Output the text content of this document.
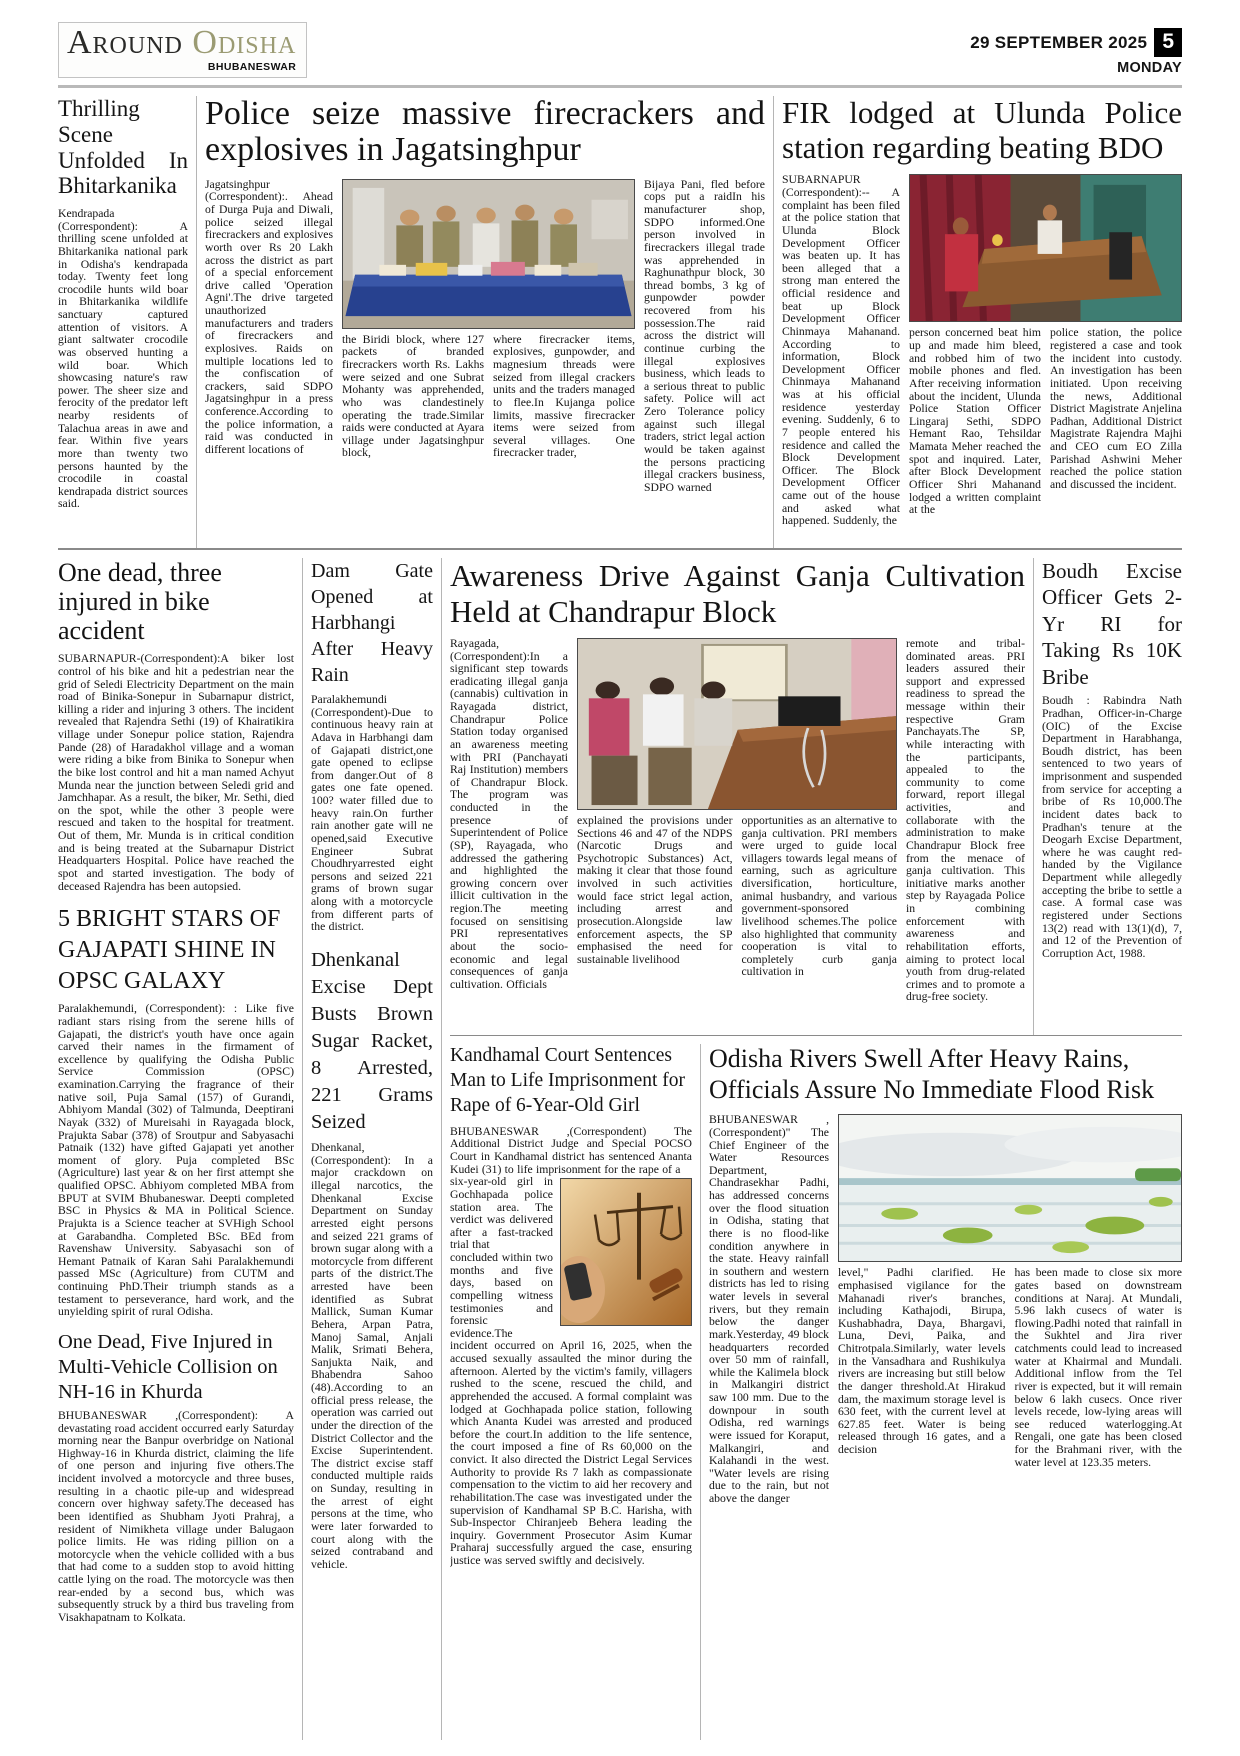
Around Odisha
BHUBANESWAR
29 SEPTEMBER 2025 5
MONDAY
Thrilling Scene Unfolded In Bhitarkanika
Kendrapada (Correspondent): A thrilling scene unfolded at Bhitarkanika national park in Odisha's kendrapada today. Twenty feet long crocodile hunts wild boar in Bhitarkanika wildlife sanctuary captured attention of visitors. A giant saltwater crocodile was observed hunting a wild boar. Which showcasing nature's raw power. The sheer size and ferocity of the predator left nearby residents of Talachua areas in awe and fear. Within five years more than twenty two persons haunted by the crocodile in coastal kendrapada district sources said.
Police seize massive firecrackers and explosives in Jagatsinghpur
Jagatsinghpur (Correspondent):. Ahead of Durga Puja and Diwali, police seized illegal firecrackers and explosives worth over Rs 20 Lakh across the district as part of a special enforcement drive called 'Operation Agni'.The drive targeted unauthorized manufacturers and traders of firecrackers and explosives. Raids on multiple locations led to the confiscation of crackers, said SDPO Jagatsinghpur in a press conference.According to the police information, a raid was conducted in different locations of
the Biridi block, where 127 packets of branded firecrackers worth Rs. Lakhs were seized and one Subrat Mohanty was apprehended, who was clandestinely operating the trade.Similar raids were conducted at Ayara village under Jagatsinghpur block,
where firecracker items, explosives, gunpowder, and magnesium threads were seized from illegal crackers units and the traders managed to flee.In Kujanga police limits, massive firecracker items were seized from several villages. One firecracker trader,
Bijaya Pani, fled before cops put a raidIn his manufacturer shop, SDPO informed.One person involved in firecrackers illegal trade was apprehended in Raghunathpur block, 30 thread bombs, 3 kg of gunpowder powder recovered from his possession.The raid across the district will continue curbing the illegal explosives business, which leads to a serious threat to public safety. Police will act Zero Tolerance policy against such illegal traders, strict legal action would be taken against the persons practicing illegal crackers business, SDPO warned
FIR lodged at Ulunda Police station regarding beating BDO
SUBARNAPUR (Correspondent):-- A complaint has been filed at the police station that Ulunda Block Development Officer was beaten up. It has been alleged that a strong man entered the official residence and beat up Block Development Officer Chinmaya Mahanand. According to information, Block Development Officer Chinmaya Mahanand was at his official residence yesterday evening. Suddenly, 6 to 7 people entered his residence and called the Block Development Officer. The Block Development Officer came out of the house and asked what happened. Suddenly, the
person concerned beat him up and made him bleed, and robbed him of two mobile phones and fled. After receiving information about the incident, Ulunda Police Station Officer Lingaraj Sethi, SDPO Hemant Rao, Tehsildar Mamata Meher reached the spot and inquired. Later, after Block Development Officer Shri Mahanand lodged a written complaint at the
police station, the police registered a case and took the incident into custody. An investigation has been initiated. Upon receiving the news, Additional District Magistrate Anjelina Padhan, Additional District Magistrate Rajendra Majhi and CEO cum EO Zilla Parishad Ashwini Meher reached the police station and discussed the incident.
One dead, three injured in bike accident
SUBARNAPUR-(Correspondent):A biker lost control of his bike and hit a pedestrian near the grid of Seledi Electricity Department on the main road of Binika-Sonepur in Subarnapur district, killing a rider and injuring 3 others. The incident revealed that Rajendra Sethi (19) of Khairatikira village under Sonepur police station, Rajendra Pande (28) of Haradakhol village and a woman were riding a bike from Binika to Sonepur when the bike lost control and hit a man named Achyut Munda near the junction between Seledi grid and Jamchhapar. As a result, the biker, Mr. Sethi, died on the spot, while the other 3 people were rescued and taken to the hospital for treatment. Out of them, Mr. Munda is in critical condition and is being treated at the Subarnapur District Headquarters Hospital. Police have reached the spot and started investigation. The body of deceased Rajendra has been autopsied.
5 BRIGHT STARS OF GAJAPATI SHINE IN OPSC GALAXY
Paralakhemundi, (Correspondent): : Like five radiant stars rising from the serene hills of Gajapati, the district's youth have once again carved their names in the firmament of excellence by qualifying the Odisha Public Service Commission (OPSC) examination.Carrying the fragrance of their native soil, Puja Samal (157) of Gurandi, Abhiyom Mandal (302) of Talmunda, Deeptirani Nayak (332) of Mureisahi in Rayagada block, Prajukta Sabar (378) of Sroutpur and Sabyasachi Patnaik (132) have gifted Gajapati yet another moment of glory. Puja completed BSc (Agriculture) last year & on her first attempt she qualified OPSC. Abhiyom completed MBA from BPUT at SVIM Bhubaneswar. Deepti completed BSC in Physics & MA in Political Science. Prajukta is a Science teacher at SVHigh School at Garabandha. Completed BSc. BEd from Ravenshaw University. Sabyasachi son of Hemant Patnaik of Karan Sahi Paralakhemundi passed MSc (Agriculture) from CUTM and continuing PhD.Their triumph stands as a testament to perseverance, hard work, and the unyielding spirit of rural Odisha.
One Dead, Five Injured in Multi-Vehicle Collision on NH-16 in Khurda
BHUBANESWAR ,(Correspondent): A devastating road accident occurred early Saturday morning near the Banpur overbridge on National Highway-16 in Khurda district, claiming the life of one person and injuring five others.The incident involved a motorcycle and three buses, resulting in a chaotic pile-up and widespread concern over highway safety.The deceased has been identified as Shubham Jyoti Prahraj, a resident of Nimikheta village under Balugaon police limits. He was riding pillion on a motorcycle when the vehicle collided with a bus that had come to a sudden stop to avoid hitting cattle lying on the road. The motorcycle was then rear-ended by a second bus, which was subsequently struck by a third bus traveling from Visakhapatnam to Kolkata.
Dam Gate Opened at Harbhangi After Heavy Rain
Paralakhemundi (Correspondent)-Due to continuous heavy rain at Adava in Harbhangi dam of Gajapati district,one gate opened to eclipse from danger.Out of 8 gates one fate opened. 100? water filled due to heavy rain.On further rain another gate will ne opened,said Executive Engineer Subrat Choudhryarrested eight persons and seized 221 grams of brown sugar along with a motorcycle from different parts of the district.
Dhenkanal Excise Dept Busts Brown Sugar Racket, 8 Arrested, 221 Grams Seized
Dhenkanal, (Correspondent): In a major crackdown on illegal narcotics, the Dhenkanal Excise Department on Sunday arrested eight persons and seized 221 grams of brown sugar along with a motorcycle from different parts of the district.The arrested have been identified as Subrat Mallick, Suman Kumar Behera, Arpan Patra, Manoj Samal, Anjali Malik, Srimati Behera, Sanjukta Naik, and Bhabendra Sahoo (48).According to an official press release, the operation was carried out under the direction of the District Collector and the Excise Superintendent. The district excise staff conducted multiple raids on Sunday, resulting in the arrest of eight persons at the time, who were later forwarded to court along with the seized contraband and vehicle.
Awareness Drive Against Ganja Cultivation Held at Chandrapur Block
Rayagada, (Correspondent):In a significant step towards eradicating illegal ganja (cannabis) cultivation in Rayagada district, Chandrapur Police Station today organised an awareness meeting with PRI (Panchayati Raj Institution) members of Chandrapur Block. The program was conducted in the presence of Superintendent of Police (SP), Rayagada, who addressed the gathering and highlighted the growing concern over illicit cultivation in the region.The meeting focused on sensitising PRI representatives about the socio-economic and legal consequences of ganja cultivation. Officials
explained the provisions under Sections 46 and 47 of the NDPS (Narcotic Drugs and Psychotropic Substances) Act, making it clear that those found involved in such activities would face strict legal action, including arrest and prosecution.Alongside law enforcement aspects, the SP emphasised the need for sustainable livelihood
opportunities as an alternative to ganja cultivation. PRI members were urged to guide local villagers towards legal means of earning, such as agriculture diversification, horticulture, animal husbandry, and various government-sponsored livelihood schemes.The police also highlighted that community cooperation is vital to completely curb ganja cultivation in
remote and tribal-dominated areas. PRI leaders assured their support and expressed readiness to spread the message within their respective Gram Panchayats.The SP, while interacting with the participants, appealed to the community to come forward, report illegal activities, and collaborate with the administration to make Chandrapur Block free from the menace of ganja cultivation. This initiative marks another step by Rayagada Police in combining enforcement with awareness and rehabilitation efforts, aiming to protect local youth from drug-related crimes and to promote a drug-free society.
Boudh Excise Officer Gets 2-Yr RI for Taking Rs 10K Bribe
Boudh : Rabindra Nath Pradhan, Officer-in-Charge (OIC) of the Excise Department in Harabhanga, Boudh district, has been sentenced to two years of imprisonment and suspended from service for accepting a bribe of Rs 10,000.The incident dates back to Pradhan's tenure at the Deogarh Excise Department, where he was caught red-handed by the Vigilance Department while allegedly accepting the bribe to settle a case. A formal case was registered under Sections 13(2) read with 13(1)(d), 7, and 12 of the Prevention of Corruption Act, 1988.
Kandhamal Court Sentences Man to Life Imprisonment for Rape of 6-Year-Old Girl
BHUBANESWAR ,(Correspondent) The Additional District Judge and Special POCSO Court in Kandhamal district has sentenced Ananta Kudei (31) to life imprisonment for the rape of a
six-year-old girl in Gochhapada police station area. The verdict was delivered after a fast-tracked trial that
concluded within two months and five days, based on compelling witness testimonies and forensic evidence.The incident occurred on April 16, 2025, when the accused sexually assaulted the minor during the afternoon. Alerted by the victim's family, villagers rushed to the scene, rescued the child, and apprehended the accused. A formal complaint was lodged at Gochhapada police station, following which Ananta Kudei was arrested and produced before the court.In addition to the life sentence, the court imposed a fine of Rs 60,000 on the convict. It also directed the District Legal Services Authority to provide Rs 7 lakh as compassionate compensation to the victim to aid her recovery and rehabilitation.The case was investigated under the supervision of Kandhamal SP B.C. Harisha, with Sub-Inspector Chiranjeeb Behera leading the inquiry. Government Prosecutor Asim Kumar Praharaj successfully argued the case, ensuring justice was served swiftly and decisively.
Odisha Rivers Swell After Heavy Rains, Officials Assure No Immediate Flood Risk
BHUBANESWAR ,(Correspondent)" The Chief Engineer of the Water Resources Department, Chandrasekhar Padhi, has addressed concerns over the flood situation in Odisha, stating that there is no flood-like condition anywhere in the state. Heavy rainfall in southern and western districts has led to rising water levels in several rivers, but they remain below the danger mark.Yesterday, 49 block headquarters recorded over 50 mm of rainfall, while the Kalimela block in Malkangiri district saw 100 mm. Due to the downpour in south Odisha, red warnings were issued for Koraput, Malkangiri, and Kalahandi in the west. "Water levels are rising due to the rain, but not above the danger
level," Padhi clarified. He emphasised vigilance for the Mahanadi river's branches, including Kathajodi, Birupa, Kushabhadra, Daya, Bhargavi, Luna, Devi, Paika, and Chitrotpala.Similarly, water levels in the Vansadhara and Rushikulya rivers are increasing but still below the danger threshold.At Hirakud dam, the maximum storage level is 630 feet, with the current level at 627.85 feet. Water is being released through 16 gates, and a decision
has been made to close six more gates based on downstream conditions at Naraj. At Mundali, 5.96 lakh cusecs of water is flowing.Padhi noted that rainfall in the Sukhtel and Jira river catchments could lead to increased water at Khairmal and Mundali. Additional inflow from the Tel river is expected, but it will remain below 6 lakh cusecs. Once river levels recede, low-lying areas will see reduced waterlogging.At Rengali, one gate has been closed for the Brahmani river, with the water level at 123.35 meters.
